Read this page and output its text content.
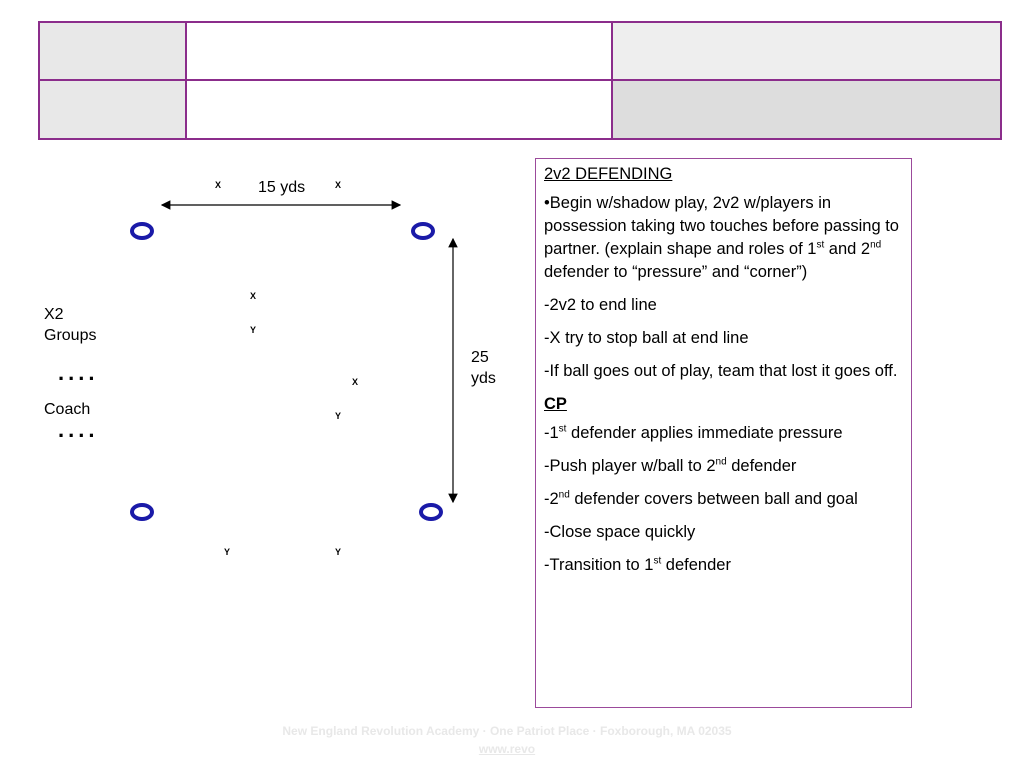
15 yds
25
yds
X	X
X
Y
X
Y
Y	Y
X2
Groups
....
Coach
....

2v2 DEFENDING

•Begin w/shadow play, 2v2 w/players in possession taking two touches before passing to partner. (explain shape and roles of 1st and 2nd defender to “pressure” and “corner”)

-2v2 to end line

-X try to stop ball at end line

-If ball goes out of play, team that lost it goes off.

CP

-1st defender applies immediate pressure

-Push player w/ball to 2nd defender

-2nd defender covers between ball and goal

-Close space quickly

-Transition to 1st defender

New England Revolution Academy · One Patriot Place · Foxborough, MA 02035
www.revo
